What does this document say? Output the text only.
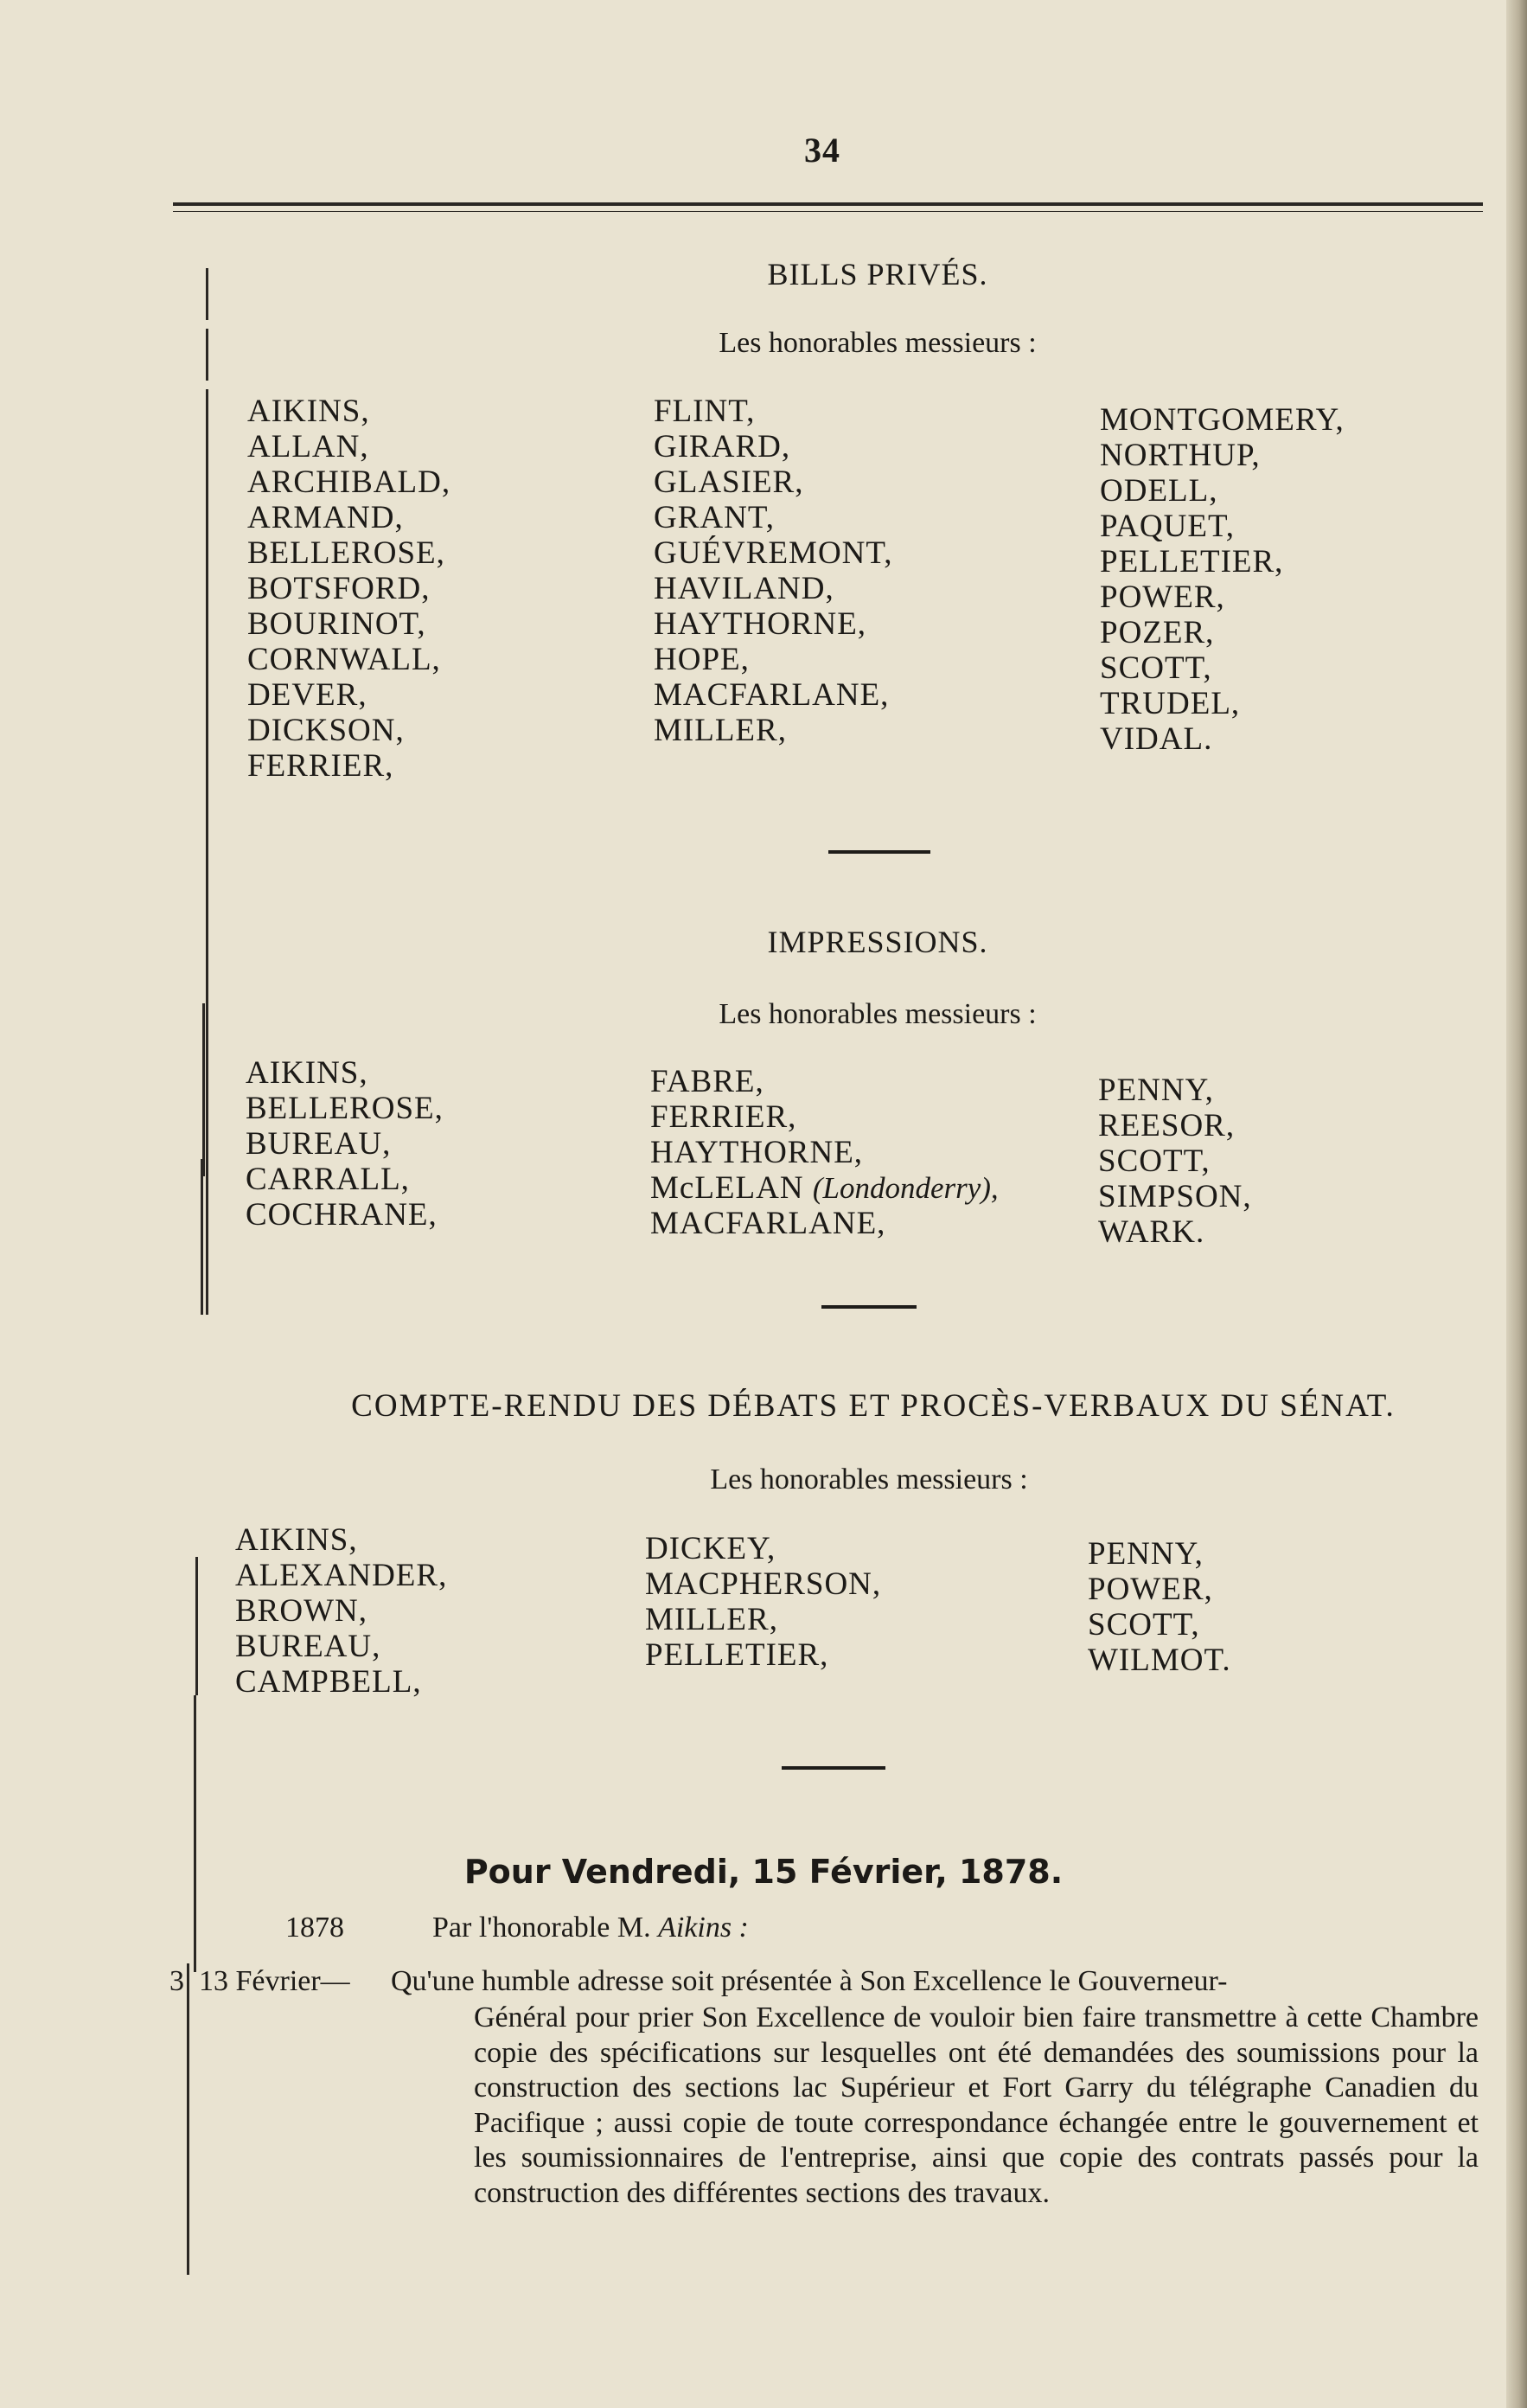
34
BILLS PRIVÉS.
Les honorables messieurs :
AIKINS,
ALLAN,
ARCHIBALD,
ARMAND,
BELLEROSE,
BOTSFORD,
BOURINOT,
CORNWALL,
DEVER,
DICKSON,
FERRIER,
FLINT,
GIRARD,
GLASIER,
GRANT,
GUÉVREMONT,
HAVILAND,
HAYTHORNE,
HOPE,
MACFARLANE,
MILLER,
MONTGOMERY,
NORTHUP,
ODELL,
PAQUET,
PELLETIER,
POWER,
POZER,
SCOTT,
TRUDEL,
VIDAL.
IMPRESSIONS.
Les honorables messieurs :
AIKINS,
BELLEROSE,
BUREAU,
CARRALL,
COCHRANE,
FABRE,
FERRIER,
HAYTHORNE,
McLELAN (Londonderry),
MACFARLANE,
PENNY,
REESOR,
SCOTT,
SIMPSON,
WARK.
COMPTE-RENDU DES DÉBATS ET PROCÈS-VERBAUX DU SÉNAT.
Les honorables messieurs :
AIKINS,
ALEXANDER,
BROWN,
BUREAU,
CAMPBELL,
DICKEY,
MACPHERSON,
MILLER,
PELLETIER,
PENNY,
POWER,
SCOTT,
WILMOT.
Pour Vendredi, 15 Février, 1878.
1878	Par l'honorable M. Aikins :
3 13 Février— Qu'une humble adresse soit présentée à Son Excellence le Gouverneur-
Général pour prier Son Excellence de vouloir bien faire transmettre à cette Chambre copie des spécifications sur lesquelles ont été demandées des soumissions pour la construction des sections lac Supérieur et Fort Garry du télégraphe Canadien du Pacifique ; aussi copie de toute correspondance échangée entre le gouvernement et les soumissionnaires de l'entreprise, ainsi que copie des contrats passés pour la construction des différentes sections des travaux.
